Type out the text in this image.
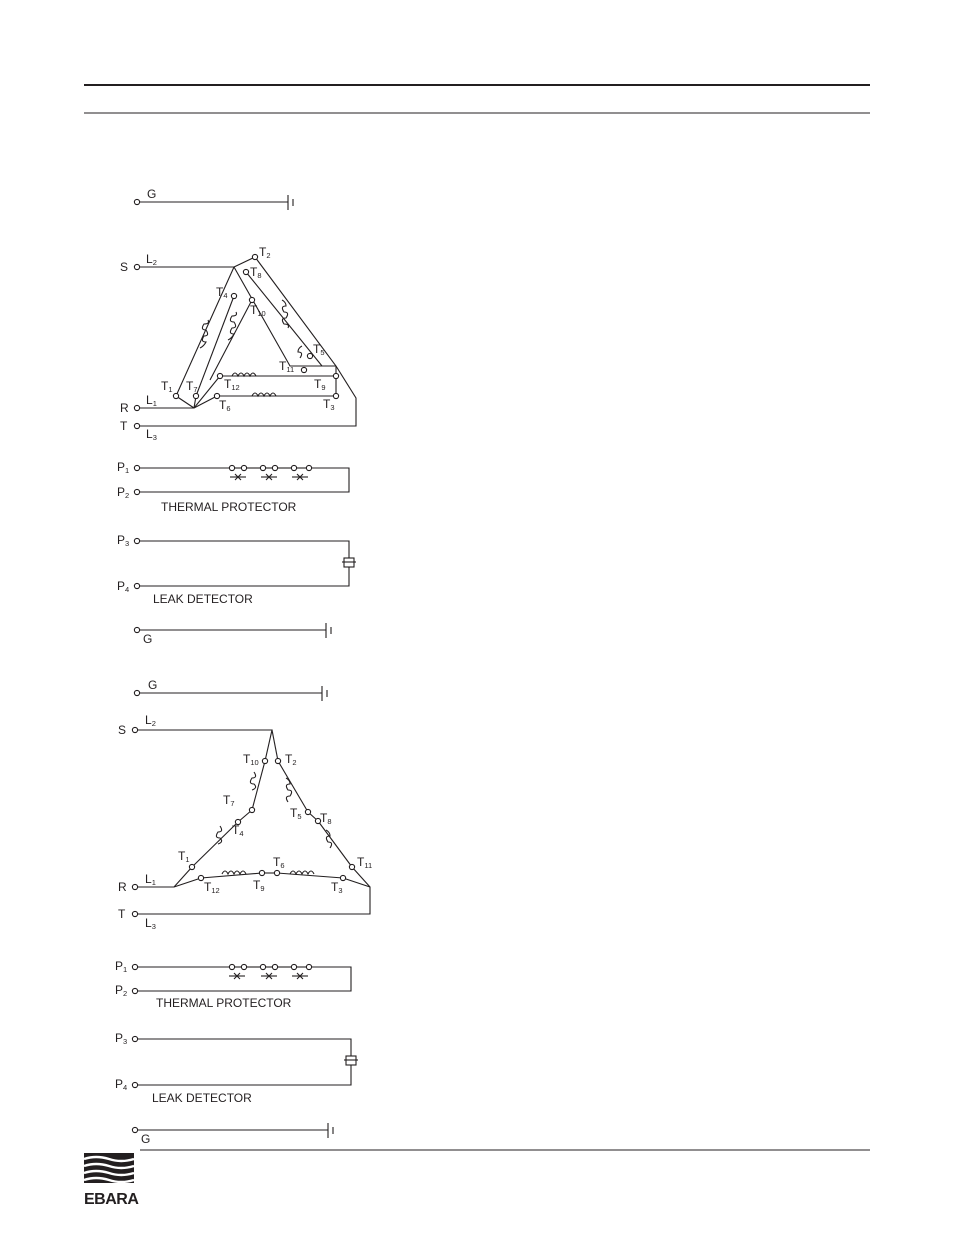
G
S
R
T
L2
L1
L3
T2
T8
T4
T10
T5
T11
T9
T1 T7 T12
T6	T3
P1
P2
THERMAL PROTECTOR
P3
P4
LEAK DETECTOR
G
G
S
R
T
L2
L1
L3
T10 T2
T7
T4
T5 T8
T1	T11
T6
T12	T9	T3
P1
P2
THERMAL PROTECTOR
P3
P4
LEAK DETECTOR
G
EBARA
